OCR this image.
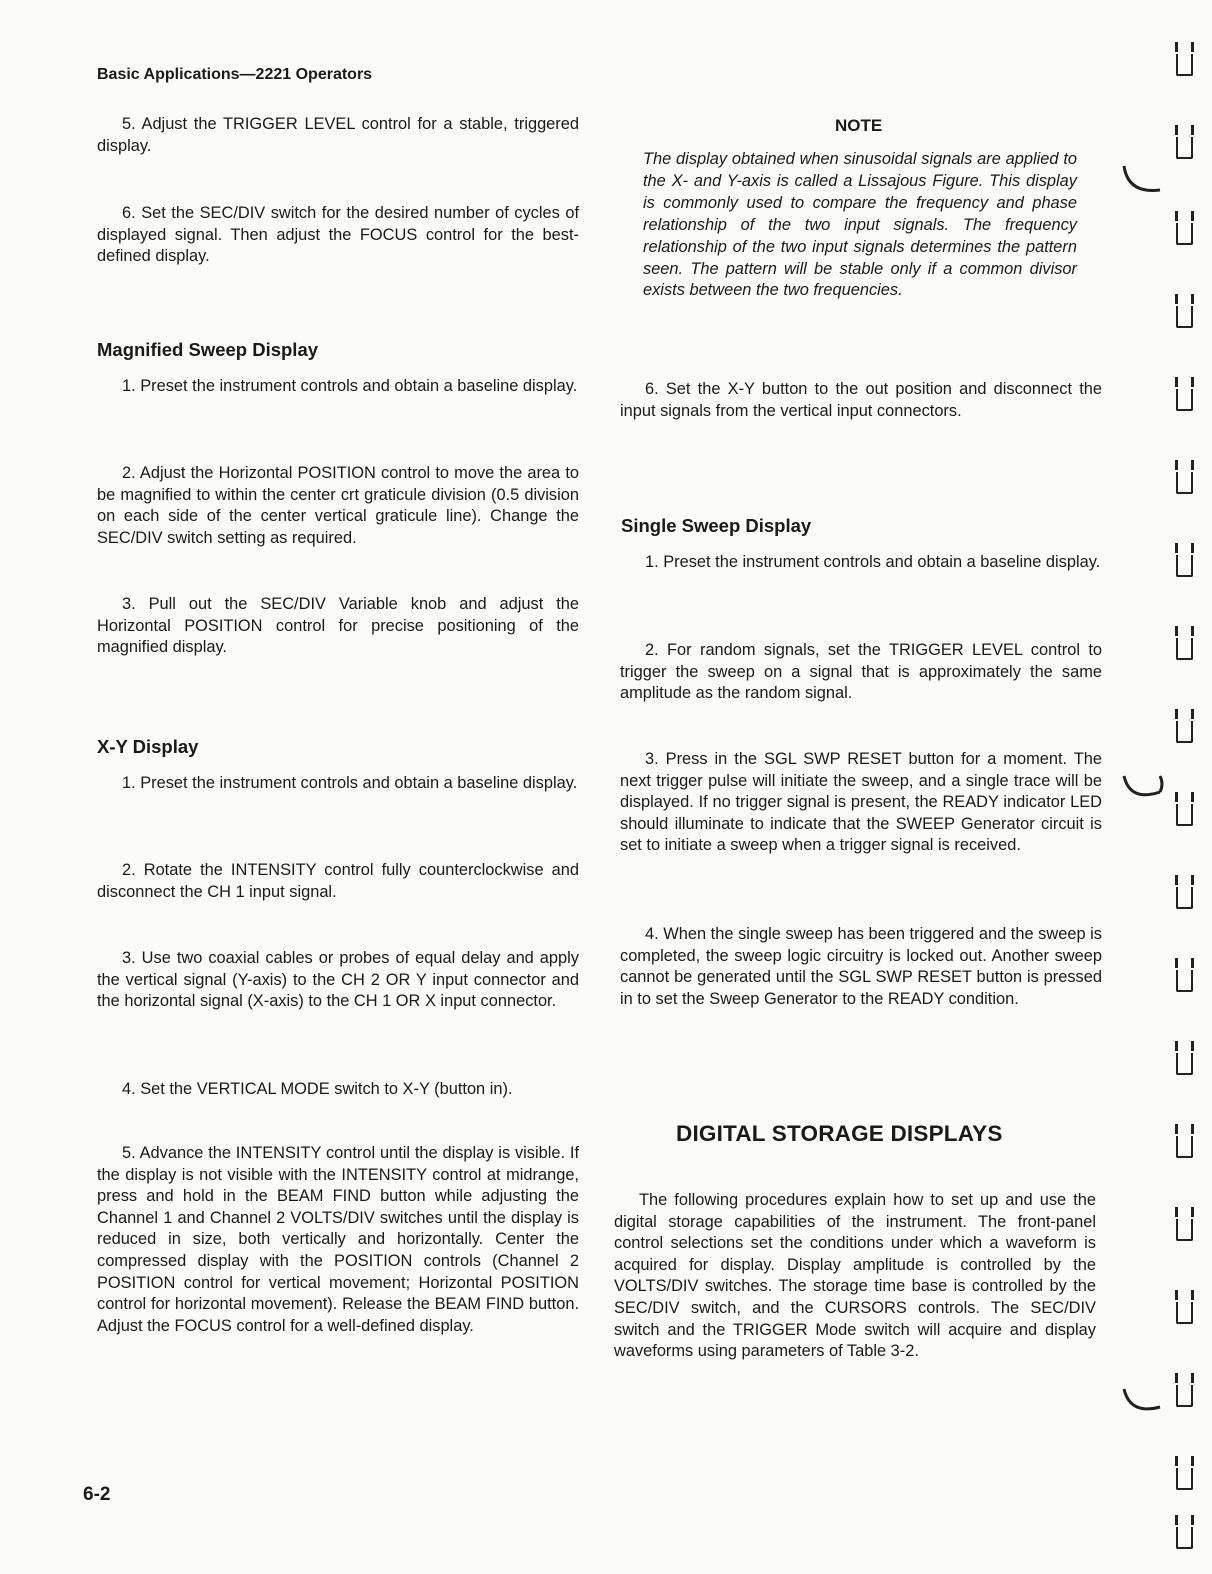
Basic Applications—2221 Operators
5. Adjust the TRIGGER LEVEL control for a stable, triggered display.
6. Set the SEC/DIV switch for the desired number of cycles of displayed signal. Then adjust the FOCUS control for the best-defined display.
Magnified Sweep Display
1. Preset the instrument controls and obtain a baseline display.
2. Adjust the Horizontal POSITION control to move the area to be magnified to within the center crt graticule division (0.5 division on each side of the center vertical graticule line). Change the SEC/DIV switch setting as required.
3. Pull out the SEC/DIV Variable knob and adjust the Horizontal POSITION control for precise positioning of the magnified display.
X-Y Display
1. Preset the instrument controls and obtain a baseline display.
2. Rotate the INTENSITY control fully counterclockwise and disconnect the CH 1 input signal.
3. Use two coaxial cables or probes of equal delay and apply the vertical signal (Y-axis) to the CH 2 OR Y input connector and the horizontal signal (X-axis) to the CH 1 OR X input connector.
4. Set the VERTICAL MODE switch to X-Y (button in).
5. Advance the INTENSITY control until the display is visible. If the display is not visible with the INTENSITY control at midrange, press and hold in the BEAM FIND button while adjusting the Channel 1 and Channel 2 VOLTS/DIV switches until the display is reduced in size, both vertically and horizontally. Center the compressed display with the POSITION controls (Channel 2 POSITION control for vertical movement; Horizontal POSITION control for horizontal movement). Release the BEAM FIND button. Adjust the FOCUS control for a well-defined display.
NOTE
The display obtained when sinusoidal signals are applied to the X- and Y-axis is called a Lissajous Figure. This display is commonly used to compare the frequency and phase relationship of the two input signals. The frequency relationship of the two input signals determines the pattern seen. The pattern will be stable only if a common divisor exists between the two frequencies.
6. Set the X-Y button to the out position and disconnect the input signals from the vertical input connectors.
Single Sweep Display
1. Preset the instrument controls and obtain a baseline display.
2. For random signals, set the TRIGGER LEVEL control to trigger the sweep on a signal that is approximately the same amplitude as the random signal.
3. Press in the SGL SWP RESET button for a moment. The next trigger pulse will initiate the sweep, and a single trace will be displayed. If no trigger signal is present, the READY indicator LED should illuminate to indicate that the SWEEP Generator circuit is set to initiate a sweep when a trigger signal is received.
4. When the single sweep has been triggered and the sweep is completed, the sweep logic circuitry is locked out. Another sweep cannot be generated until the SGL SWP RESET button is pressed in to set the Sweep Generator to the READY condition.
DIGITAL STORAGE DISPLAYS
The following procedures explain how to set up and use the digital storage capabilities of the instrument. The front-panel control selections set the conditions under which a waveform is acquired for display. Display amplitude is controlled by the VOLTS/DIV switches. The storage time base is controlled by the SEC/DIV switch, and the CURSORS controls. The SEC/DIV switch and the TRIGGER Mode switch will acquire and display waveforms using parameters of Table 3-2.
6-2
